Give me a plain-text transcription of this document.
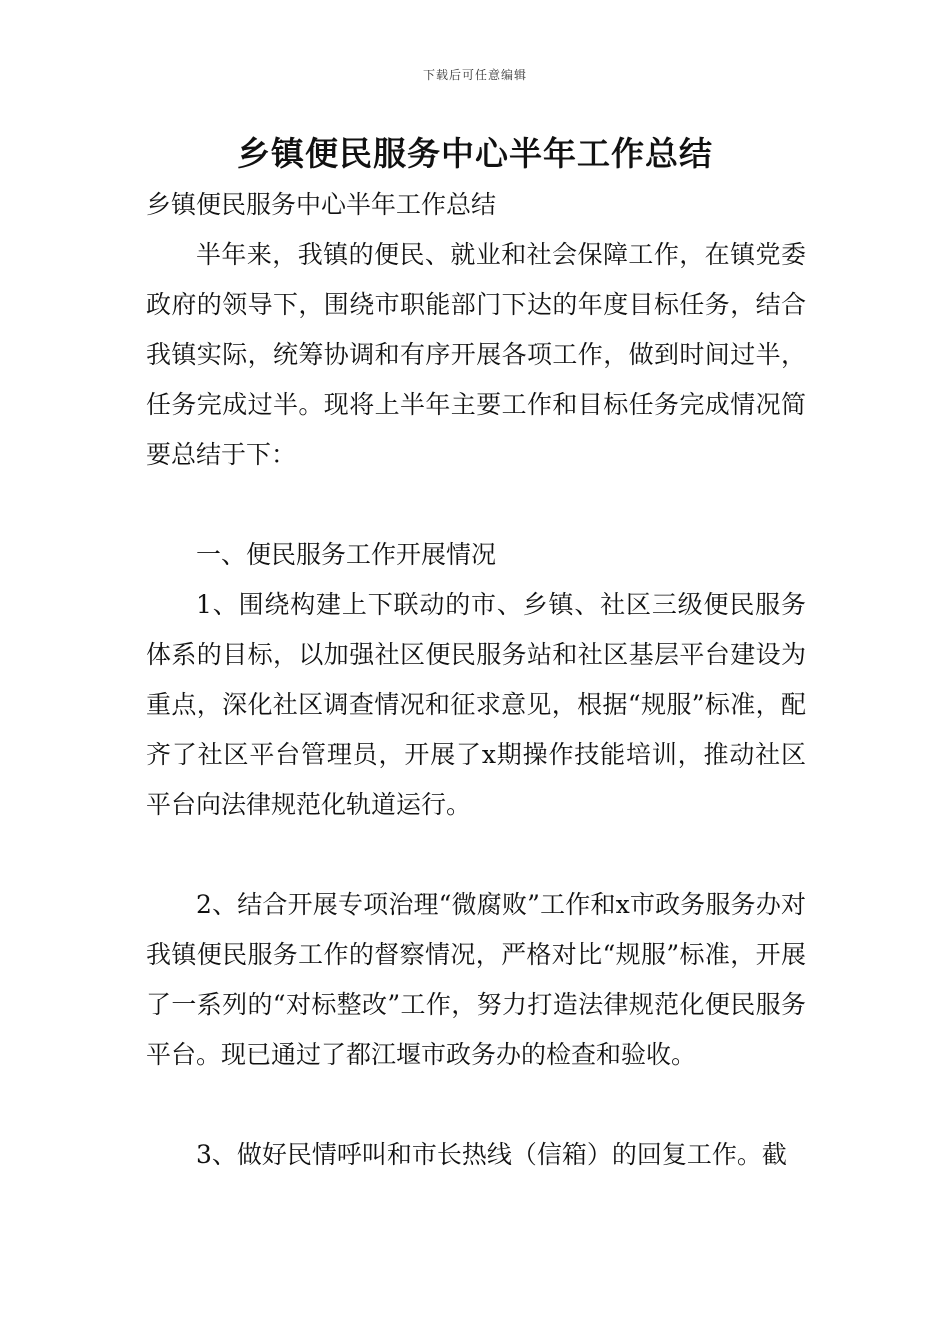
下载后可任意编辑
乡镇便民服务中心半年工作总结

乡镇便民服务中心半年工作总结

半年来，我镇的便民、就业和社会保障工作，在镇党委政府的领导下，围绕市职能部门下达的年度目标任务，结合我镇实际，统筹协调和有序开展各项工作，做到时间过半，任务完成过半。现将上半年主要工作和目标任务完成情况简要总结于下：

一、便民服务工作开展情况

1、围绕构建上下联动的市、乡镇、社区三级便民服务体系的目标，以加强社区便民服务站和社区基层平台建设为重点，深化社区调查情况和征求意见，根据“规服”标准，配齐了社区平台管理员，开展了x期操作技能培训，推动社区平台向法律规范化轨道运行。

2、结合开展专项治理“微腐败”工作和x市政务服务办对我镇便民服务工作的督察情况，严格对比“规服”标准，开展了一系列的“对标整改”工作，努力打造法律规范化便民服务平台。现已通过了都江堰市政务办的检查和验收。

3、做好民情呼叫和市长热线（信箱）的回复工作。截
